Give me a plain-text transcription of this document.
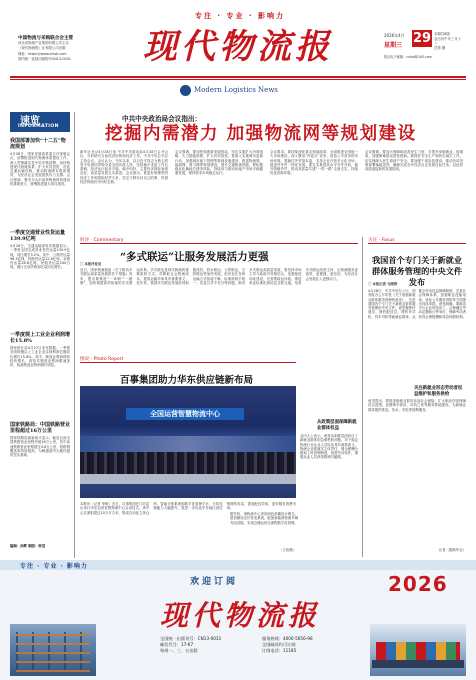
专注 · 专业 · 影响力
中国物流与采购联合会主管
河北省物流产业集团有限公司主办
《现代物流报》社有限公司出版
网址：https://www.cnlsb.com
国内统一连续出版物号CN13-0031	现代物流报	2026年4月
星期三 29 本期共8版
农历丙午年三月十三
总第 期
报社电子邮箱：cnlsb@163.com
Modern Logistics News
速览
INFORMATION
我国部署加快“十二五”物流规划
4月28日，国家发展改革委召开视频会议，部署推进现代物流体系建设工作，深入贯彻落实党中央决策部署，加快构建现代物流体系，扩大有效投资，优化交通运输结构，推动物流降本提质增效，为经济社会发展提供有力支撑。会议强调，要充分认识加快物流规划建设的重要意义，统筹推进重大项目建设。
一季度交通营业性货运量139.9亿吨
4月28日，交通运输部发布数据显示，一季度全国完成营业性货运量139.9亿吨，同比增长3.2%。其中，公路货运量98.3亿吨，铁路货运量12.6亿吨，水路货运量26.8亿吨，民航货运量244万吨，港口完成货物吞吐量同比增长。
一季度规上工业企业利润增长15.8%
国家统计局4月27日发布数据，一季度全国规模以上工业企业实现利润总额同比增长15.8%。其中，制造业利润保持较快增长，高技术制造业利润增速加快，装备制造业利润增长明显。
国家铁路局：中国铁路营业里程超过16万公里
国家铁路局最新统计显示，截至目前全国铁路营业里程突破16万公里，其中高速铁路营业里程超过4.8万公里，铁路网覆盖率持续提高，为畅通国内大循环提供坚实基础。
编辑：孙辉 制版：杨莹
中共中央政治局会议指出：
挖掘内需潜力 加强物流网等规划建设
新华社北京4月28日电 中共中央政治局4月28日召开会议，分析研究当前经济形势和经济工作。中共中央总书记主持会议。会议认为，今年以来，以习近平同志为核心的党中央团结带领全党全国各族人民，坚持稳中求进工作总基调，经济运行起步平稳、稳中向好，主要经济指标表现良好，高质量发展扎实推进。会议指出，要更好统筹国内经济工作和国际经贸斗争，坚定不移办好自己的事，巩固经济持续回升向好态势。
会议强调，要加快构建新发展格局，坚定实施扩大内需战略，大力提振消费，扩大有效投资。要深入实施城市更新行动，加强城市地下管网等基础设施建设，推进物流网、能源网、算力网等规划建设，提升交通物流效能。要积极稳妥化解地方债务风险，持续用力推动房地产市场平稳健康发展，保持资本市场稳定运行。
会议要求，要持续深化重点领域改革，全面推进全国统一大市场建设，深入整治“内卷式”竞争，营造公平竞争的市场环境。要稳住外贸基本盘，支持企业开拓多元化市场，促进内外贸一体化发展。要扎实推进高水平对外开放，稳外资稳外贸，推动高质量共建“一带一路”走深走实，持续优化营商环境。
会议强调，要加大保障和改善民生力度，多措并举稳就业、促增收，加强困难群众帮扶救助。要抓好安全生产和防灾减灾工作，切实保障人民生命财产安全。要加强干部队伍建设，推动各项决策部署落地见效，确保完成全年经济社会发展目标任务，以优异成绩迎接新的发展阶段。
时评 · Commentary
“多式联运”让服务发展活力更强
□ 本报评论员
近日，国家物流枢纽《关于推动多式联运高质量发展的若干措施》发布，提出要推进“一单制”“一箱制”，加快构建高效衔接的多式联运体系。多式联运是现代物流的重要组织方式，对降低社会物流成本、提高运输效率具有重要意义。近年来，我国多式联运发展取得积极成效，铁水联运、公铁联运、空铁联运等加快发展，但仍存在各种运输方式衔接不畅、标准规则不统一、信息共享不充分等问题。推动多式联运高质量发展，要坚持市场主导与政府引导相结合，加强枢纽场站建设，完善集疏运体系，推进单证标准化和信息互联互通，培育多式联运经营主体，让物流服务更高效、更便捷、更经济，为经济社会发展注入更强动力。
关注 · Focus
我国首个专门关于新就业群体服务管理的中央文件发布
□ 本报记者 马晓涛
4月28日，中共中央办公厅、国务院办公厅印发《关于加强新就业群体服务管理的意见》，这是我国首个专门关于新就业群体服务管理的中央文件。意见聚焦快递员、网约配送员、网约车司机、货车司机等新就业群体，从健全劳动权益保障制度、完善社会保障体系、加强职业技能培训、优化公共服务供给等方面提出具体举措。意见明确，要推动平台企业规范用工，合理确定劳动定额和计件单价，保障劳动者获得合理报酬和休息休假权利。
关注新就业形态劳动者权益维护和服务供给
意见提出，要推进新就业群体参加社会保险，扩大职业伤害保障试点范围，加强骑手驿站、司机之家等服务阵地建设，为新就业群体提供休息、饮水、充电等便利服务。
从政策层面保障新就业群体权益
业内人士表示，意见从制度层面回应了新就业群体的急难愁盼问题，对于稳定物流行业从业人员队伍具有重要意义。物流企业要落实主体责任，健全薪酬分配和工时管理制度，改善劳动条件，增强从业人员获得感和归属感。
记者（据新华社）
图说 · Photo Report
百事集团助力华东供应链新布局
全国运营智慧物流中心
本报讯（记者 李明）近日，百事集团在江苏昆山举行华东运营智慧物流中心启用仪式。该中心总面积超过10万平方米，集成自动化立体仓库、智能分拣系统和数字化管理平台，日均处理能力大幅提升，将进一步优化华东地区供应链网络布局，提高配送效率，更好服务消费市场。
据介绍，该物流中心采用绿色低碳设计理念，屋顶铺设光伏发电系统，配备新能源物流车辆充电设施，实现仓储运营全流程数字化管理。
（王伟摄）
专注 · 专业 · 影响力
欢迎订阅	2026
现代物流报
全国统一出版刊号：CN13-0031
邮发代号：17-67
每周一、三、五出版
服务热线：4000-5656-98
全国邮局均可订阅
订阅电话：11185
